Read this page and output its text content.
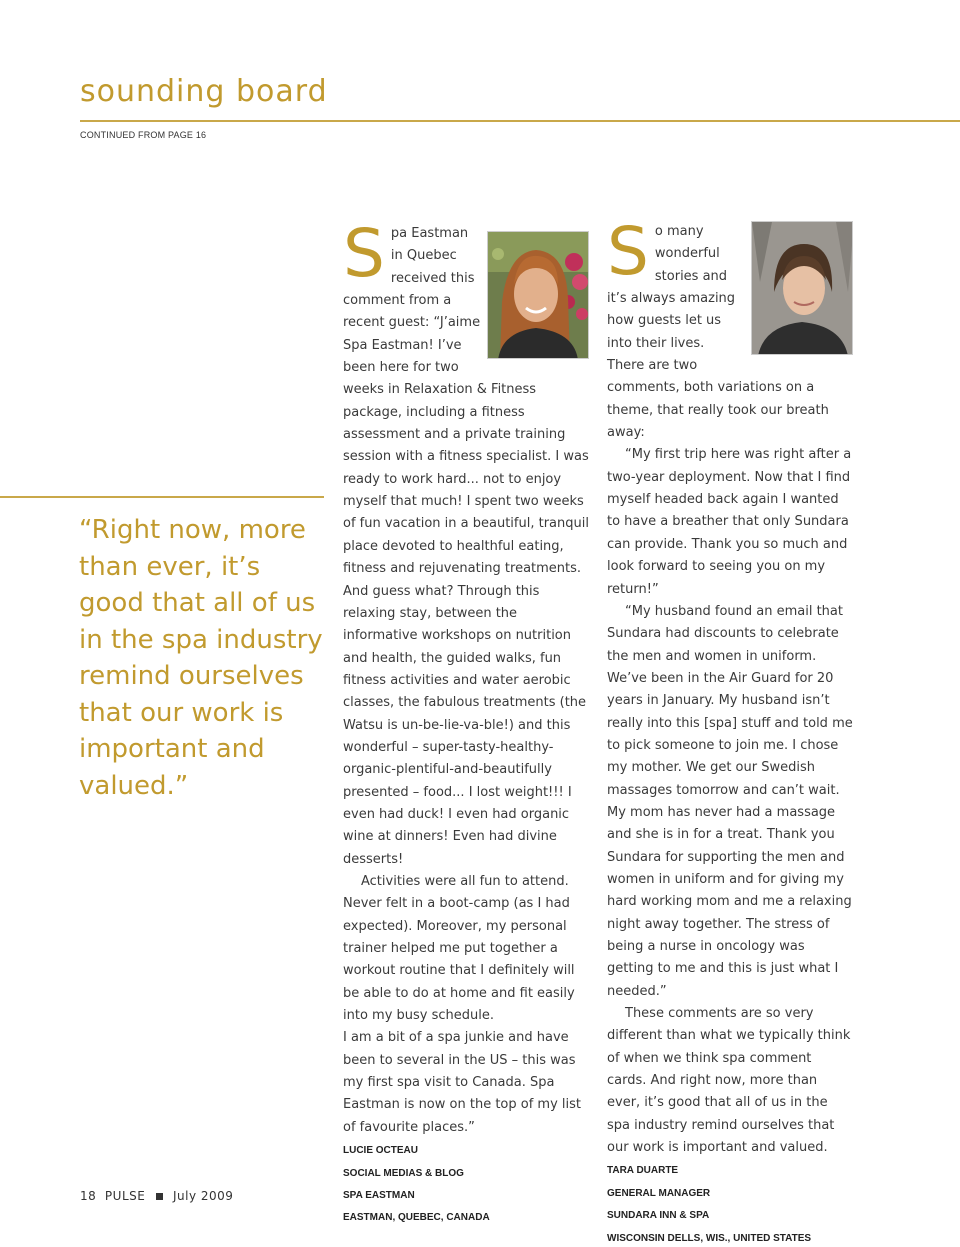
sounding board
CONTINUED FROM PAGE 16
“Right now, more than ever, it’s good that all of us in the spa industry remind ourselves that our work is important and valued.”
S pa Eastman in Quebec received this comment from a recent guest: “J’aime Spa Eastman! I’ve been here for two weeks in Relaxation & Fitness package, including a fitness assessment and a private training session with a fitness specialist. I was ready to work hard... not to enjoy myself that much! I spent two weeks of fun vacation in a beautiful, tranquil place devoted to healthful eating, fitness and rejuvenating treatments. And guess what? Through this relaxing stay, between the informative workshops on nutrition and health, the guided walks, fun fitness activities and water aerobic classes, the fabulous treatments (the Watsu is un-be-lie-va-ble!) and this wonderful – super-tasty-healthy-organic-plentiful-and-beautifully presented – food... I lost weight!!! I even had duck! I even had organic wine at dinners! Even had divine desserts!

Activities were all fun to attend. Never felt in a boot-camp (as I had expected). Moreover, my personal trainer helped me put together a workout routine that I definitely will be able to do at home and fit easily into my busy schedule.

I am a bit of a spa junkie and have been to several in the US – this was my first spa visit to Canada. Spa Eastman is now on the top of my list of favourite places.”

LUCIE OCTEAU
SOCIAL MEDIAS & BLOG
SPA EASTMAN
EASTMAN, QUEBEC, CANADA
S o many wonderful stories and it’s always amazing how guests let us into their lives. There are two comments, both variations on a theme, that really took our breath away:

“My first trip here was right after a two-year deployment. Now that I find myself headed back again I wanted to have a breather that only Sundara can provide. Thank you so much and look forward to seeing you on my return!”

“My husband found an email that Sundara had discounts to celebrate the men and women in uniform. We’ve been in the Air Guard for 20 years in January. My husband isn’t really into this [spa] stuff and told me to pick someone to join me. I chose my mother. We get our Swedish massages tomorrow and can’t wait. My mom has never had a massage and she is in for a treat. Thank you Sundara for supporting the men and women in uniform and for giving my hard working mom and me a relaxing night away together. The stress of being a nurse in oncology was getting to me and this is just what I needed.”

These comments are so very different than what we typically think of when we think spa comment cards. And right now, more than ever, it’s good that all of us in the spa industry remind ourselves that our work is important and valued.

TARA DUARTE
GENERAL MANAGER
SUNDARA INN & SPA
WISCONSIN DELLS, WIS., UNITED STATES
18 PULSE July 2009
